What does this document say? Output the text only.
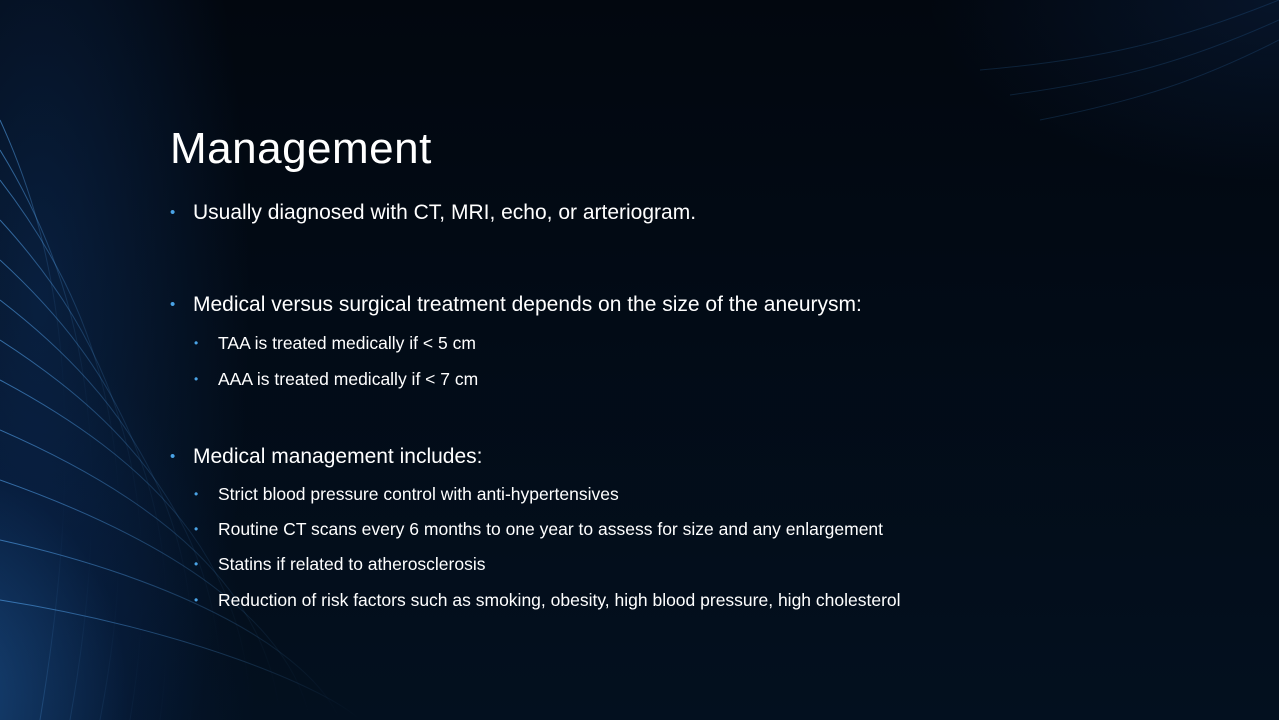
Management
• Usually diagnosed with CT, MRI, echo, or arteriogram.
• Medical versus surgical treatment depends on the size of the aneurysm:
• TAA is treated medically if < 5 cm
• AAA is treated medically if < 7 cm
• Medical management includes:
• Strict blood pressure control with anti-hypertensives
• Routine CT scans every 6 months to one year to assess for size and any enlargement
• Statins if related to atherosclerosis
• Reduction of risk factors such as smoking, obesity, high blood pressure, high cholesterol
